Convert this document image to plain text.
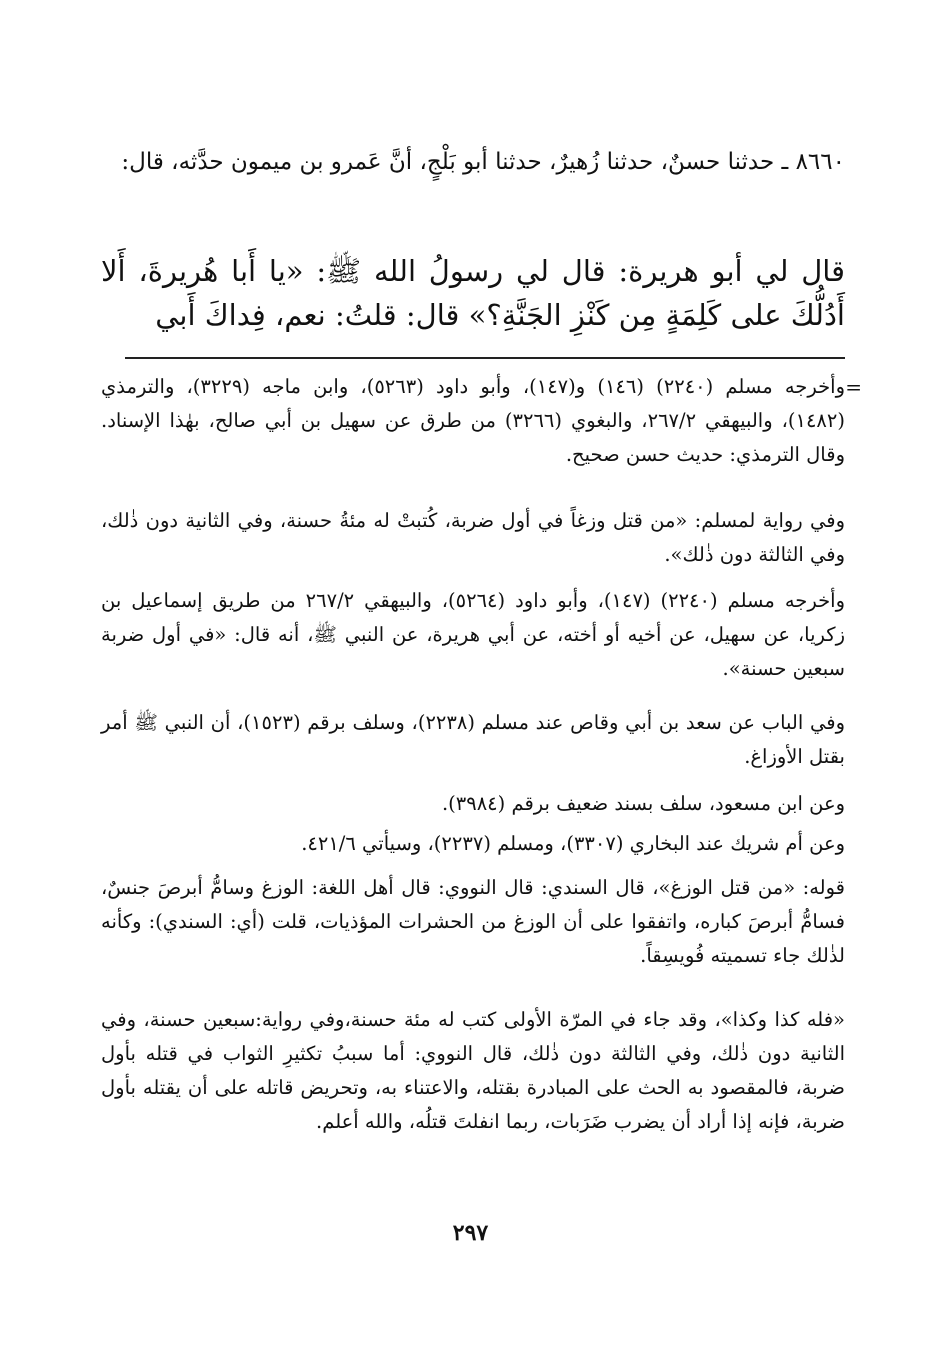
٨٦٦٠ ـ حدثنا حسنٌ، حدثنا زُهيرٌ، حدثنا أبو بَلْجٍ، أنَّ عَمرو بن ميمون حدَّثه، قال:

قال لي أبو هريرة: قال لي رسولُ الله ﷺ: «يا أَبا هُريرةَ، أَلا أَدُلُّكَ على كَلِمَةٍ مِن كَنْزِ الجَنَّةِ؟» قال: قلتُ: نعم، فِداكَ أَبي

=

وأخرجه مسلم (٢٢٤٠) (١٤٦) و(١٤٧)، وأبو داود (٥٢٦٣)، وابن ماجه (٣٢٢٩)، والترمذي (١٤٨٢)، والبيهقي ٢٦٧/٢، والبغوي (٣٢٦٦) من طرق عن سهيل بن أبي صالح، بهٰذا الإسناد. وقال الترمذي: حديث حسن صحيح.

وفي رواية لمسلم: «من قتل وزغاً في أول ضربة، كُتبتْ له مئةُ حسنة، وفي الثانية دون ذٰلك، وفي الثالثة دون ذٰلك».

وأخرجه مسلم (٢٢٤٠) (١٤٧)، وأبو داود (٥٢٦٤)، والبيهقي ٢٦٧/٢ من طريق إسماعيل بن زكريا، عن سهيل، عن أخيه أو أخته، عن أبي هريرة، عن النبي ﷺ، أنه قال: «في أول ضربة سبعين حسنة».

وفي الباب عن سعد بن أبي وقاص عند مسلم (٢٢٣٨)، وسلف برقم (١٥٢٣)، أن النبي ﷺ أمر بقتل الأوزاغ.

وعن ابن مسعود، سلف بسند ضعيف برقم (٣٩٨٤).

وعن أم شريك عند البخاري (٣٣٠٧)، ومسلم (٢٢٣٧)، وسيأتي ٤٢١/٦.

قوله: «من قتل الوزغ»، قال السندي: قال النووي: قال أهل اللغة: الوزغ وسامُّ أبرصَ جنسٌ، فسامُّ أبرصَ كباره، واتفقوا على أن الوزغ من الحشرات المؤذيات، قلت (أي: السندي): وكأنه لذٰلك جاء تسميته فُويسِقاً.

«فله كذا وكذا»، وقد جاء في المرّة الأولى كتب له مئة حسنة،وفي رواية:سبعين حسنة، وفي الثانية دون ذٰلك، وفي الثالثة دون ذٰلك، قال النووي: أما سببُ تكثيرِ الثواب في قتله بأول ضربة، فالمقصود به الحث على المبادرة بقتله، والاعتناء به، وتحريض قاتله على أن يقتله بأول ضربة، فإنه إذا أراد أن يضرب ضَرَبات، ربما انفلتَ قتلُه، والله أعلم.

٢٩٧
